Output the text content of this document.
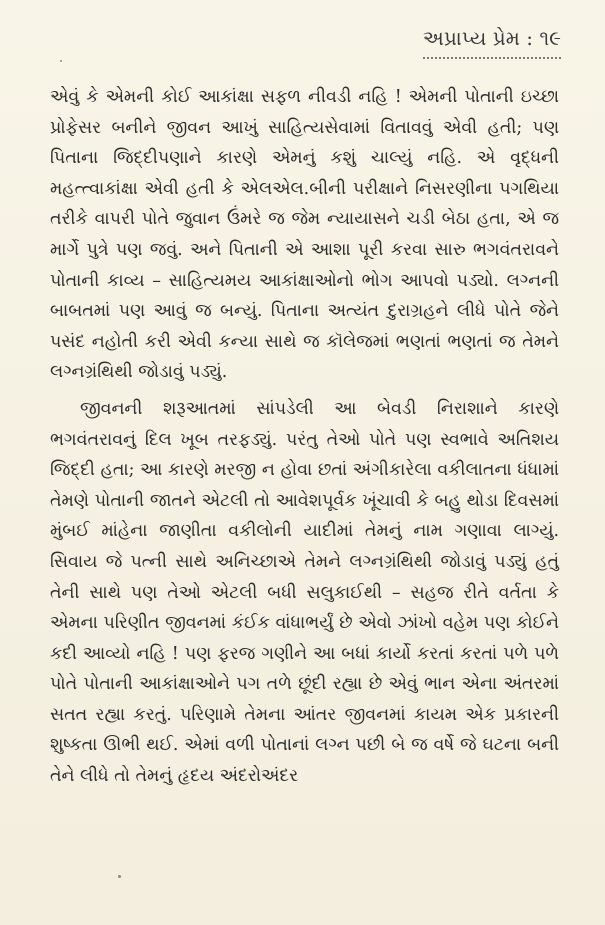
અપ્રાપ્ય પ્રેમ : ૧૯

એવું કે એમની કોઈ આકાંક્ષા સફળ નીવડી નહિ ! એમની પોતાની ઇચ્છા પ્રોફેસર બનીને જીવન આખું સાહિત્યસેવામાં વિતાવવું એવી હતી; પણ પિતાના જિદ્દીપણાને કારણે એમનું કશું ચાલ્યું નહિ. એ વૃદ્ધની મહત્ત્વાકાંક્ષા એવી હતી કે એલએલ.બીની પરીક્ષાને નિસરણીના પગથિયા તરીકે વાપરી પોતે જુવાન ઉંમરે જ જેમ ન્યાયાસને ચડી બેઠા હતા, એ જ માર્ગે પુત્રે પણ જવું. અને પિતાની એ આશા પૂરી કરવા સારુ ભગવંતરાવને પોતાની કાવ્ય – સાહિત્યમય આકાંક્ષાઓનો ભોગ આપવો પડ્યો. લગ્નની બાબતમાં પણ આવું જ બન્યું. પિતાના અત્યંત દુરાગ્રહને લીધે પોતે જેને પસંદ નહોતી કરી એવી કન્યા સાથે જ કૉલેજમાં ભણતાં ભણતાં જ તેમને લગ્નગ્રંથિથી જોડાવું પડ્યું.

જીવનની શરૂઆતમાં સાંપડેલી આ બેવડી નિરાશાને કારણે ભગવંતરાવનું દિલ ખૂબ તરફડ્યું. પરંતુ તેઓ પોતે પણ સ્વભાવે અતિશય જિદ્દી હતા; આ કારણે મરજી ન હોવા છતાં અંગીકારેલા વકીલાતના ધંધામાં તેમણે પોતાની જાતને એટલી તો આવેશપૂર્વક ખૂંચાવી કે બહુ થોડા દિવસમાં મુંબઈ માંહેના જાણીતા વકીલોની યાદીમાં તેમનું નામ ગણાવા લાગ્યું. સિવાય જે પત્ની સાથે અનિચ્છાએ તેમને લગ્નગ્રંથિથી જોડાવું પડ્યું હતું તેની સાથે પણ તેઓ એટલી બધી સલુકાઈથી – સહજ રીતે વર્તતા કે એમના પરિણીત જીવનમાં કંઈક વાંધાભર્યું છે એવો ઝાંખો વહેમ પણ કોઈને કદી આવ્યો નહિ ! પણ ફરજ ગણીને આ બધાં કાર્યો કરતાં કરતાં પળે પળે પોતે પોતાની આકાંક્ષાઓને પગ તળે છૂંદી રહ્યા છે એવું ભાન એના અંતરમાં સતત રહ્યા કરતું. પરિણામે તેમના આંતર જીવનમાં કાયમ એક પ્રકારની શુષ્કતા ઊભી થઈ. એમાં વળી પોતાનાં લગ્ન પછી બે જ વર્ષે જે ઘટના બની તેને લીધે તો તેમનું હૃદય અંદરોઅંદર
